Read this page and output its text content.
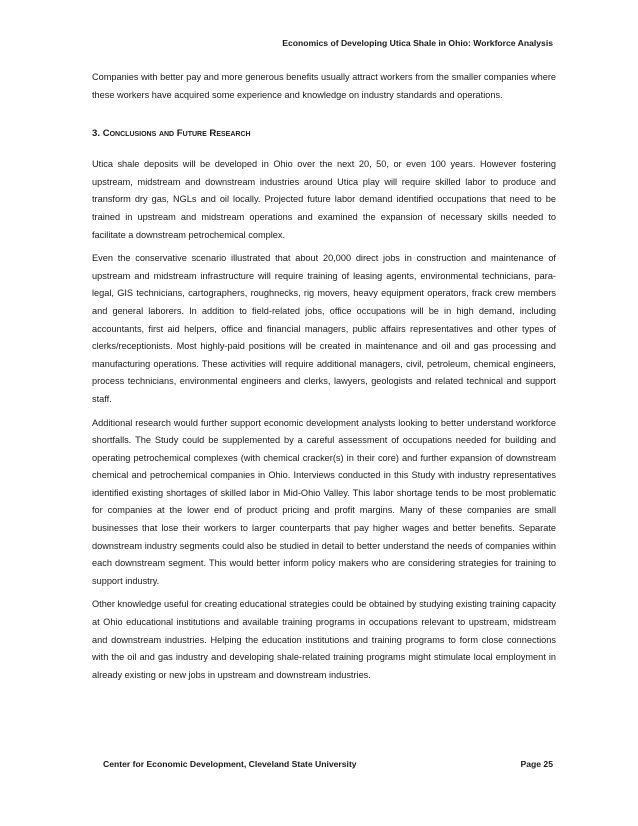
Economics of Developing Utica Shale in Ohio: Workforce Analysis

Companies with better pay and more generous benefits usually attract workers from the smaller companies where these workers have acquired some experience and knowledge on industry standards and operations.

3. Conclusions and Future Research

Utica shale deposits will be developed in Ohio over the next 20, 50, or even 100 years. However fostering upstream, midstream and downstream industries around Utica play will require skilled labor to produce and transform dry gas, NGLs and oil locally. Projected future labor demand identified occupations that need to be trained in upstream and midstream operations and examined the expansion of necessary skills needed to facilitate a downstream petrochemical complex.

Even the conservative scenario illustrated that about 20,000 direct jobs in construction and maintenance of upstream and midstream infrastructure will require training of leasing agents, environmental technicians, para-legal, GIS technicians, cartographers, roughnecks, rig movers, heavy equipment operators, frack crew members and general laborers. In addition to field-related jobs, office occupations will be in high demand, including accountants, first aid helpers, office and financial managers, public affairs representatives and other types of clerks/receptionists. Most highly-paid positions will be created in maintenance and oil and gas processing and manufacturing operations. These activities will require additional managers, civil, petroleum, chemical engineers, process technicians, environmental engineers and clerks, lawyers, geologists and related technical and support staff.

Additional research would further support economic development analysts looking to better understand workforce shortfalls. The Study could be supplemented by a careful assessment of occupations needed for building and operating petrochemical complexes (with chemical cracker(s) in their core) and further expansion of downstream chemical and petrochemical companies in Ohio. Interviews conducted in this Study with industry representatives identified existing shortages of skilled labor in Mid-Ohio Valley. This labor shortage tends to be most problematic for companies at the lower end of product pricing and profit margins. Many of these companies are small businesses that lose their workers to larger counterparts that pay higher wages and better benefits. Separate downstream industry segments could also be studied in detail to better understand the needs of companies within each downstream segment. This would better inform policy makers who are considering strategies for training to support industry.

Other knowledge useful for creating educational strategies could be obtained by studying existing training capacity at Ohio educational institutions and available training programs in occupations relevant to upstream, midstream and downstream industries. Helping the education institutions and training programs to form close connections with the oil and gas industry and developing shale-related training programs might stimulate local employment in already existing or new jobs in upstream and downstream industries.

Center for Economic Development, Cleveland State University	Page 25
